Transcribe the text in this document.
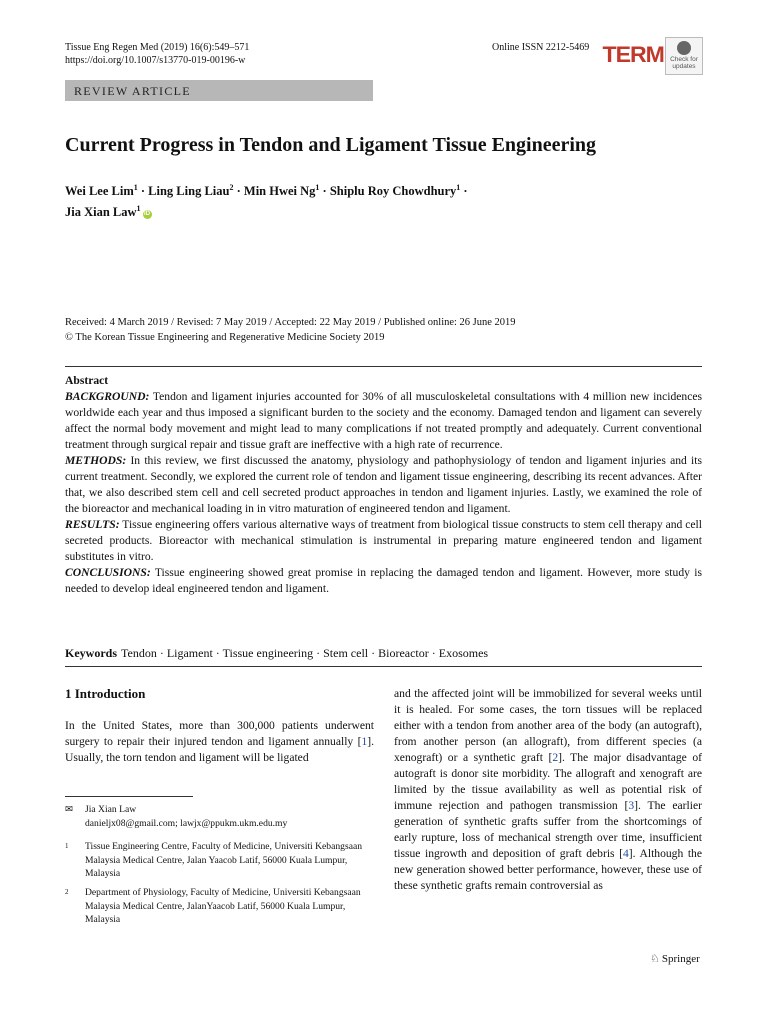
Tissue Eng Regen Med (2019) 16(6):549–571
https://doi.org/10.1007/s13770-019-00196-w
Online ISSN 2212-5469 TERM Check for
updates
REVIEW ARTICLE
Current Progress in Tendon and Ligament Tissue Engineering
Wei Lee Lim$^1$ · Ling Ling Liau$^2$ · Min Hwei $Ng^1$ · Shiplu Roy Chowdhury$^1$ ·
Jia Xian Law$^1$iD
Received: 4 March 2019 / Revised: 7 May 2019 / Accepted: 22 May 2019 / Published online: 26 June 2019
© The Korean Tissue Engineering and Regenerative Medicine Society 2019

Abstract

BACKGROUND: Tendon and ligament injuries accounted for 30% of all musculoskeletal consultations with 4 million new incidences worldwide each year and thus imposed a significant burden to the society and the economy. Damaged tendon and ligament can severely affect the normal body movement and might lead to many complications if not treated promptly and adequately. Current conventional treatment through surgical repair and tissue graft are ineffective with a high rate of recurrence.

METHODS: In this review, we first discussed the anatomy, physiology and pathophysiology of tendon and ligament injuries and its current treatment. Secondly, we explored the current role of tendon and ligament tissue engineering, describing its recent advances. After that, we also described stem cell and cell secreted product approaches in tendon and ligament injuries. Lastly, we examined the role of the bioreactor and mechanical loading in in vitro maturation of engineered tendon and ligament.

RESULTS: Tissue engineering offers various alternative ways of treatment from biological tissue constructs to stem cell therapy and cell secreted products. Bioreactor with mechanical stimulation is instrumental in preparing mature engineered tendon and ligament substitutes in vitro.

CONCLUSIONS: Tissue engineering showed great promise in replacing the damaged tendon and ligament. However, more study is needed to develop ideal engineered tendon and ligament.

Keywords Tendon · Ligament · Tissue engineering · Stem cell · Bioreactor · Exosomes
1 Introduction

In the United States, more than 300,000 patients underwent surgery to repair their injured tendon and ligament annually [1]. Usually, the torn tendon and ligament will be ligated

and the affected joint will be immobilized for several weeks until it is healed. For some cases, the torn tissues will be replaced either with a tendon from another area of the body (an autograft), from another person (an allograft), from different species (a xenograft) or a synthetic graft [2]. The major disadvantage of autograft is donor site morbidity. The allograft and xenograft are limited by the tissue availability as well as potential risk of immune rejection and pathogen transmission [3]. The earlier generation of synthetic grafts suffer from the shortcomings of early rupture, loss of mechanical strength over time, insufficient tissue ingrowth and deposition of graft debris [4]. Although the new generation showed better performance, however, these use of these synthetic grafts remain controversial as

✉ Jia Xian Law
danieljx08@gmail.com; lawjx@ppukm.ukm.edu.my
1 Tissue Engineering Centre, Faculty of Medicine, Universiti Kebangsaan Malaysia Medical Centre, Jalan Yaacob Latif, 56000 Kuala Lumpur, Malaysia
2 Department of Physiology, Faculty of Medicine, Universiti Kebangsaan Malaysia Medical Centre, JalanYaacob Latif, 56000 Kuala Lumpur, Malaysia
♘ Springer
